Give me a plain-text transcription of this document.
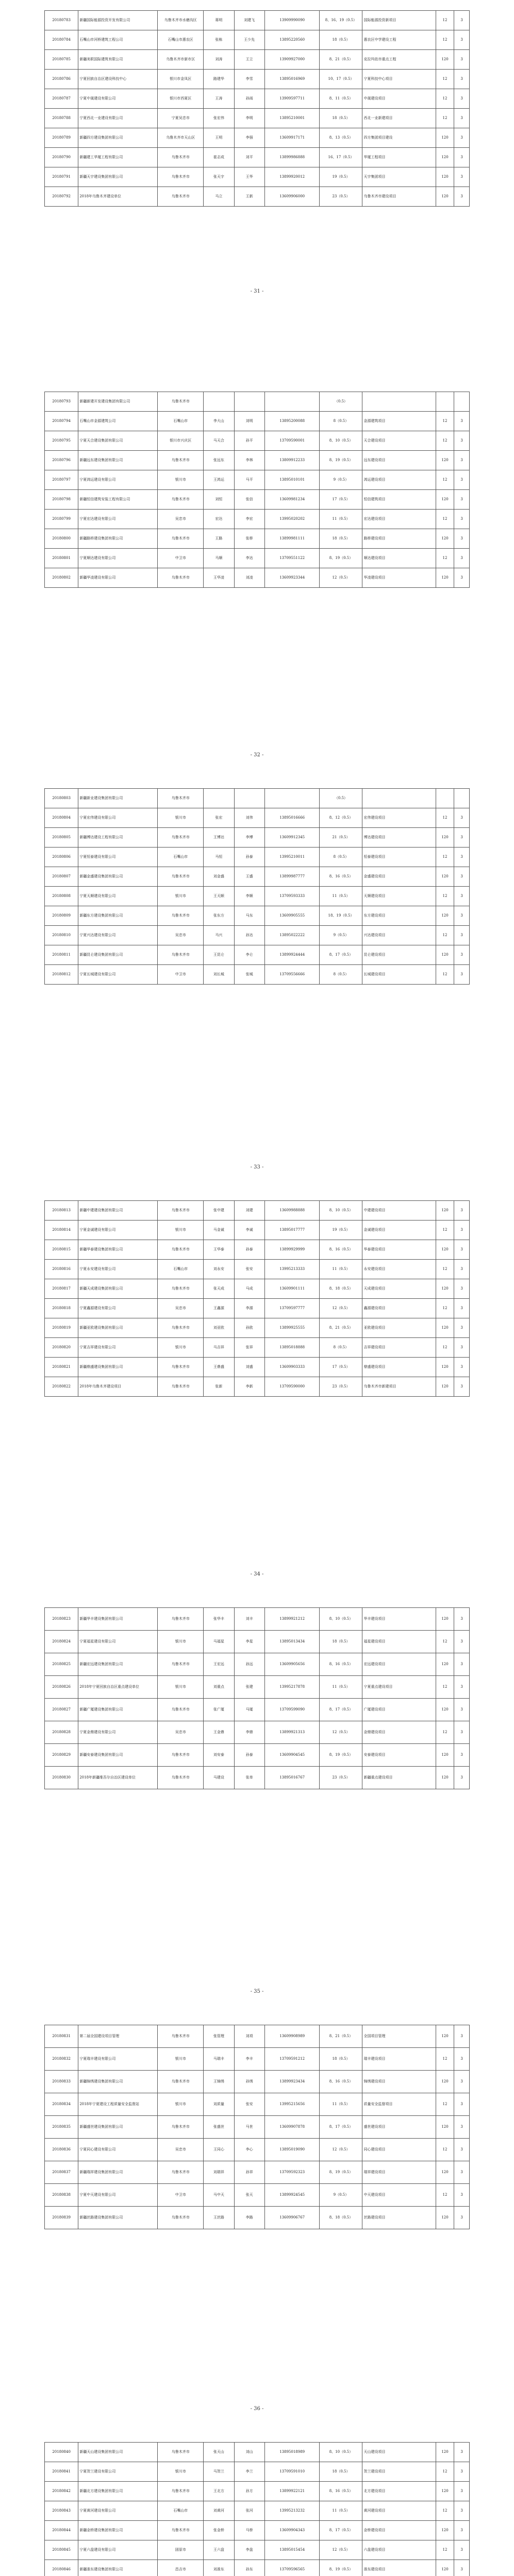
20180783	新疆国际能源投资开发有限公司	乌鲁木齐市水磨沟区	蒋明	刘建飞	13909990090	8、16、19（0.5）	国际能源投资新项目	12	3
20180784	石嘴山市河桥建筑工程公司	石嘴山市惠农区	张栋	王少先	13895220560	18（0.5）	惠农区中学建设工程	12	3
20180785	新疆美联国际建筑有限公司	乌鲁木齐市新市区	刘涛	王立	13909927000	8、21（0.5）	克拉玛依市重点工程	120	3
20180786	宁夏回族自治区建设科技中心	银川市金凤区	路建华	李雪	13895016969	10、17（0.5）	宁夏科技中心项目	12	3
20180787	宁夏中晟建设有限公司	银川市西夏区	王涛	孙雨	13909597711	8、11（0.5）	中晟建设项目	12	3
20180788	宁夏西北一业建设有限公司	宁夏吴忠市	张宏伟	李明	13895210001	18（0.5）	西北一业新建项目	12	3
20180789	新疆四方建设集团有限公司	乌鲁木齐市天山区	王明	李强	13609917171	8、13（0.5）	四方集团项目建设	120	3
20180790	新疆建工华厦工程有限公司	乌鲁木齐市	崔志成	刘平	13899986888	16、17（0.5）	华厦工程项目	120	3
20180791	新疆天宇建设集团有限公司	乌鲁木齐市	张天宇	王华	13899920012	19（0.5）	天宇集团项目	120	3
20180792	2018年乌鲁木齐建设单位	乌鲁木齐市	马立	王新	13609906000	23（0.5）	乌鲁木齐市建设项目	120	3
- 31 -
20180793	新疆新建开发建设集团有限公司	乌鲁木齐市				（0.5）			
20180794	石嘴山市金源建筑公司	石嘴山市	李大山	刘明	13895200088	8（0.5）	金源建筑项目	12	3
20180795	宁夏天合建设集团有限公司	银川市兴庆区	马天合	孙平	13709590001	8、10（0.5）	天合建设项目	12	3
20180796	新疆远东建设集团有限公司	乌鲁木齐市	张远东	李林	13809912233	8、19（0.5）	远东建设项目	120	3
20180797	宁夏鸿运建设有限公司	银川市	王鸿运	马平	13895010101	9（0.5）	鸿运建设项目	12	3
20180798	新疆恒信建筑安装工程有限公司	乌鲁木齐市	刘恒	张信	13609981234	17（0.5）	恒信建筑项目	120	3
20180799	宁夏宏达建设有限公司	吴忠市	宏达	李宏	13995020202	11（0.5）	宏达建设项目	12	3
20180800	新疆路桥建设集团有限公司	乌鲁木齐市	王路	张桥	13899981111	18（0.5）	路桥建设项目	120	3
20180801	宁夏顺达建设有限公司	中卫市	马顺	李达	13709551122	8、19（0.5）	顺达建设项目	12	3
20180802	新疆华凌建设有限公司	乌鲁木齐市	王华凌	刘凌	13609923344	12（0.5）	华凌建设项目	120	3
- 32 -
20180803	新疆新业建设集团有限公司	乌鲁木齐市				（0.5）			
20180804	宁夏宏伟建设有限公司	银川市	张宏	刘伟	13895016666	8、12（0.5）	宏伟建设项目	12	3
20180805	新疆博达建设工程有限公司	乌鲁木齐市	王博达	李博	13609912345	21（0.5）	博达建设项目	120	3
20180806	宁夏恒泰建设有限公司	石嘴山市	马恒	孙泰	13995210011	8（0.5）	恒泰建设项目	12	3
20180807	新疆金盛建设集团有限公司	乌鲁木齐市	刘金盛	王盛	13899987777	8、16（0.5）	金盛建设项目	120	3
20180808	宁夏天顺建设有限公司	银川市	王天顺	李顺	13709593333	11（0.5）	天顺建设项目	12	3
20180809	新疆东方建设集团有限公司	乌鲁木齐市	张东方	马东	13609905555	18、19（0.5）	东方建设项目	120	3
20180810	宁夏兴达建设有限公司	吴忠市	马兴	孙达	13895022222	9（0.5）	兴达建设项目	12	3
20180811	新疆昆仑建设集团有限公司	乌鲁木齐市	王昆仑	李仑	13899924444	8、17（0.5）	昆仑建设项目	120	3
20180812	宁夏长城建设有限公司	中卫市	刘长城	张城	13709556666	8（0.5）	长城建设项目	12	3
- 33 -
20180813	新疆中建建设集团有限公司	乌鲁木齐市	张中建	刘建	13609988888	8、10（0.5）	中建建设项目	120	3
20180814	宁夏金诚建设有限公司	银川市	马金诚	李诚	13895017777	19（0.5）	金诚建设项目	12	3
20180815	新疆华泰建设集团有限公司	乌鲁木齐市	王华泰	孙泰	13899929999	8、16（0.5）	华泰建设项目	120	3
20180816	宁夏永安建设有限公司	石嘴山市	刘永安	张安	13995213333	11（0.5）	永安建设项目	12	3
20180817	新疆天成建设集团有限公司	乌鲁木齐市	张天成	马成	13609901111	8、18（0.5）	天成建设项目	120	3
20180818	宁夏鑫源建设有限公司	吴忠市	王鑫源	李源	13709597777	12（0.5）	鑫源建设项目	12	3
20180819	新疆亚欧建设集团有限公司	乌鲁木齐市	刘亚欧	孙欧	13899925555	8、21（0.5）	亚欧建设项目	120	3
20180820	宁夏吉祥建设有限公司	银川市	马吉祥	张祥	13895018888	8（0.5）	吉祥建设项目	12	3
20180821	新疆鼎盛建设集团有限公司	乌鲁木齐市	王鼎盛	刘盛	13609903333	17（0.5）	鼎盛建设项目	120	3
20180822	2018年乌鲁木齐建设项目	乌鲁木齐市	张新	李新	13709590000	23（0.5）	乌鲁木齐市新建项目	120	3
- 34 -
20180823	新疆华丰建设集团有限公司	乌鲁木齐市	张华丰	刘丰	13899921212	8、10（0.5）	华丰建设项目	120	3
20180824	宁夏福星建设有限公司	银川市	马福星	李星	13895013434	18（0.5）	福星建设项目	12	3
20180825	新疆宏远建设集团有限公司	乌鲁木齐市	王宏远	孙远	13609905656	8、16（0.5）	宏远建设项目	120	3
20180826	2018年宁夏回族自治区重点建设单位	银川市	刘重点	张建	13995217878	11（0.5）	宁夏重点建设项目	12	3
20180827	新疆广厦建设集团有限公司	乌鲁木齐市	张广厦	马厦	13709599090	8、17（0.5）	广厦建设项目	120	3
20180828	宁夏金鼎建设有限公司	吴忠市	王金鼎	李鼎	13899921313	12（0.5）	金鼎建设项目	12	3
20180829	新疆安泰建设集团有限公司	乌鲁木齐市	刘安泰	孙泰	13609904545	8、19（0.5）	安泰建设项目	120	3
20180830	2018年新疆维吾尔自治区建设单位	乌鲁木齐市	马建设	张单	13895016767	23（0.5）	新疆重点建设项目	120	3
- 35 -
20180831	第二届全国建设项目管理	乌鲁木齐市	张管理	刘项	13609908989	8、21（0.5）	全国项目管理	120	3
20180832	宁夏瑞丰建设有限公司	银川市	马瑞丰	李丰	13709591212	18（0.5）	瑞丰建设项目	12	3
20180833	新疆锦绣建设集团有限公司	乌鲁木齐市	王锦绣	孙绣	13899923434	8、16（0.5）	锦绣建设项目	120	3
20180834	2018年宁夏建设工程质量安全监督站	银川市	刘质量	张安	13995215656	11（0.5）	质量安全监督项目	12	3
20180835	新疆盛世建设集团有限公司	乌鲁木齐市	张盛世	马世	13609907878	8、17（0.5）	盛世建设项目	120	3
20180836	宁夏同心建设有限公司	吴忠市	王同心	李心	13895019090	12（0.5）	同心建设项目	12	3
20180837	新疆瑞祥建设集团有限公司	乌鲁木齐市	刘瑞祥	孙祥	13709592323	8、19（0.5）	瑞祥建设项目	120	3
20180838	宁夏中天建设有限公司	中卫市	马中天	张天	13899924545	9（0.5）	中天建设项目	12	3
20180839	新疆丝路建设集团有限公司	乌鲁木齐市	王丝路	李路	13609906767	8、18（0.5）	丝路建设项目	120	3
- 36 -
20180840	新疆天山建设集团有限公司	乌鲁木齐市	张天山	刘山	13895018989	8、10（0.5）	天山建设项目	120	3
20180841	宁夏贺兰建设有限公司	银川市	马贺兰	李兰	13709591010	18（0.5）	贺兰建设项目	12	3
20180842	新疆北方建设集团有限公司	乌鲁木齐市	王北方	孙方	13899922121	8、16（0.5）	北方建设项目	120	3
20180843	宁夏黄河建设有限公司	石嘴山市	刘黄河	张河	13995213232	11（0.5）	黄河建设项目	12	3
20180844	新疆金桥建设集团有限公司	乌鲁木齐市	张金桥	马桥	13609904343	8、17（0.5）	金桥建设项目	120	3
20180845	宁夏六盘建设有限公司	固原市	王六盘	李盘	13895015454	12（0.5）	六盘建设项目	12	3
20180846	新疆准东建设集团有限公司	昌吉市	刘准东	孙东	13709596565	8、19（0.5）	准东建设项目	120	3
